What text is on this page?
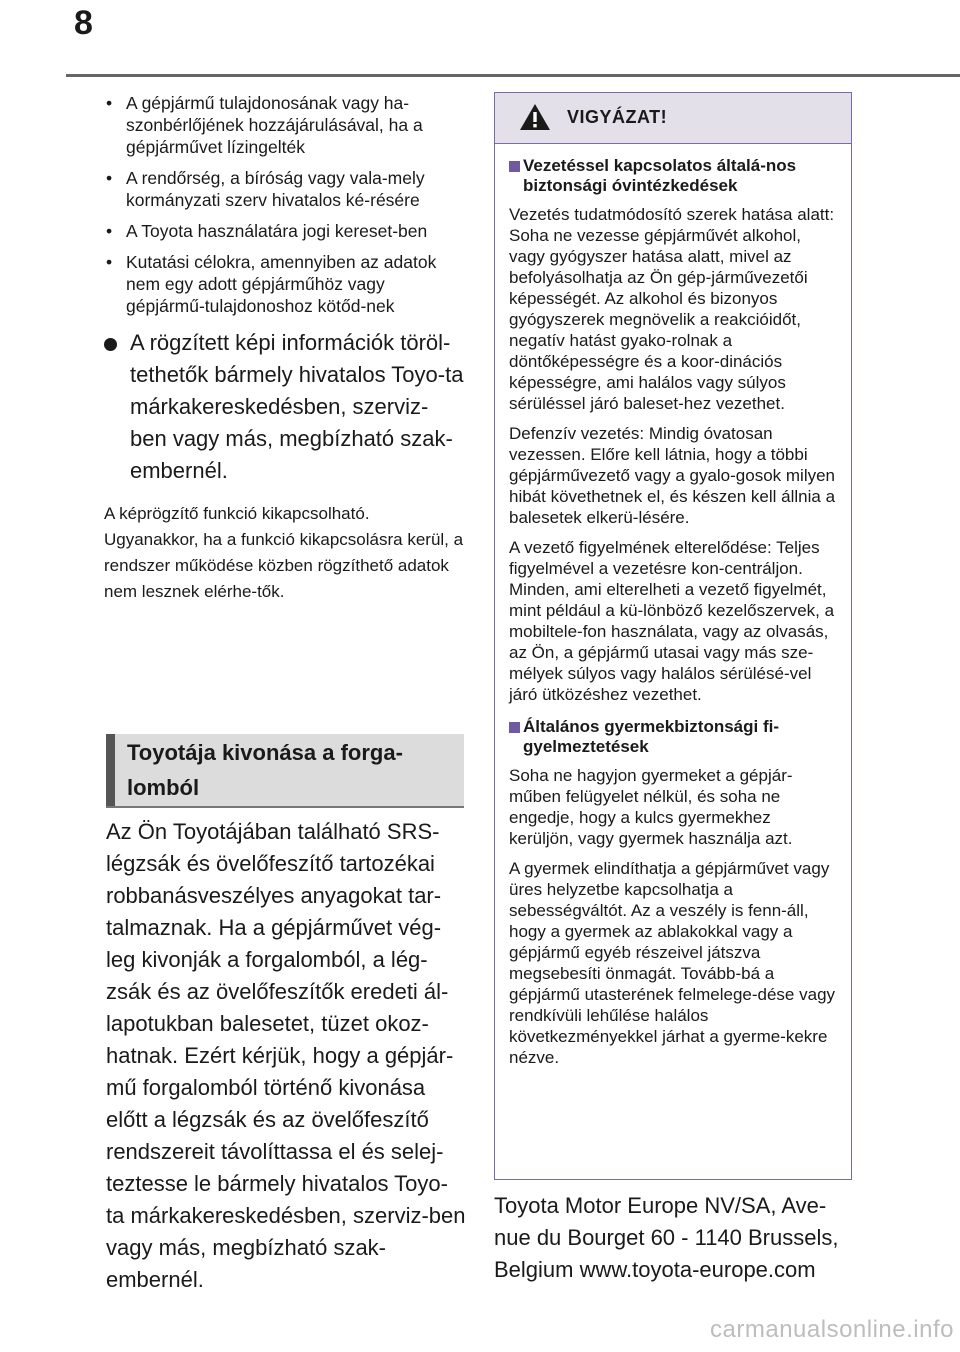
8
• A gépjármű tulajdonosának vagy ha-szonbérlőjének hozzájárulásával, ha a gépjárművet lízingelték
• A rendőrség, a bíróság vagy vala-mely kormányzati szerv hivatalos ké-résére
• A Toyota használatára jogi kereset-ben
• Kutatási célokra, amennyiben az adatok nem egy adott gépjárműhöz vagy gépjármű-tulajdonoshoz kötőd-nek
A rögzített képi információk töröl-tethetők bármely hivatalos Toyo-ta márkakereskedésben, szerviz-ben vagy más, megbízható szak-embernél.
A képrögzítő funkció kikapcsolható. Ugyanakkor, ha a funkció kikapcsolásra kerül, a rendszer működése közben rögzíthető adatok nem lesznek elérhe-tők.
Toyotája kivonása a forga-lomból
Az Ön Toyotájában található SRS-légzsák és övelőfeszítő tartozékai robbanásveszélyes anyagokat tar-talmaznak. Ha a gépjárművet vég-leg kivonják a forgalomból, a lég-zsák és az övelőfeszítők eredeti ál-lapotukban balesetet, tüzet okoz-hatnak. Ezért kérjük, hogy a gépjár-mű forgalomból történő kivonása előtt a légzsák és az övelőfeszítő rendszereit távolíttassa el és selej-teztesse le bármely hivatalos Toyo-ta márkakereskedésben, szerviz-ben vagy más, megbízható szak-embernél.
VIGYÁZAT!
Vezetéssel kapcsolatos általá-nos biztonsági óvintézkedések

Vezetés tudatmódosító szerek hatása alatt: Soha ne vezesse gépjárművét alkohol, vagy gyógyszer hatása alatt, mivel az befolyásolhatja az Ön gép-járművezetői képességét. Az alkohol és bizonyos gyógyszerek megnövelik a reakcióidőt, negatív hatást gyako-rolnak a döntőképességre és a koor-dinációs képességre, ami halálos vagy súlyos sérüléssel járó baleset-hez vezethet.

Defenzív vezetés: Mindig óvatosan vezessen. Előre kell látnia, hogy a többi gépjárművezető vagy a gyalo-gosok milyen hibát követhetnek el, és készen kell állnia a balesetek elkerü-lésére.

A vezető figyelmének elterelődése: Teljes figyelmével a vezetésre kon-centráljon. Minden, ami elterelheti a vezető figyelmét, mint például a kü-lönböző kezelőszervek, a mobiltele-fon használata, vagy az olvasás, az Ön, a gépjármű utasai vagy más sze-mélyek súlyos vagy halálos sérülésé-vel járó ütközéshez vezethet.

Általános gyermekbiztonsági fi-gyelmeztetések

Soha ne hagyjon gyermeket a gépjár-műben felügyelet nélkül, és soha ne engedje, hogy a kulcs gyermekhez kerüljön, vagy gyermek használja azt.

A gyermek elindíthatja a gépjárművet vagy üres helyzetbe kapcsolhatja a sebességváltót. Az a veszély is fenn-áll, hogy a gyermek az ablakokkal vagy a gépjármű egyéb részeivel játszva megsebesíti önmagát. Tovább-bá a gépjármű utasterének felmelege-dése vagy rendkívüli lehűlése halálos következményekkel járhat a gyerme-kekre nézve.

Toyota Motor Europe NV/SA, Ave-nue du Bourget 60 - 1140 Brussels, Belgium www.toyota-europe.com
carmanualsonline.info
